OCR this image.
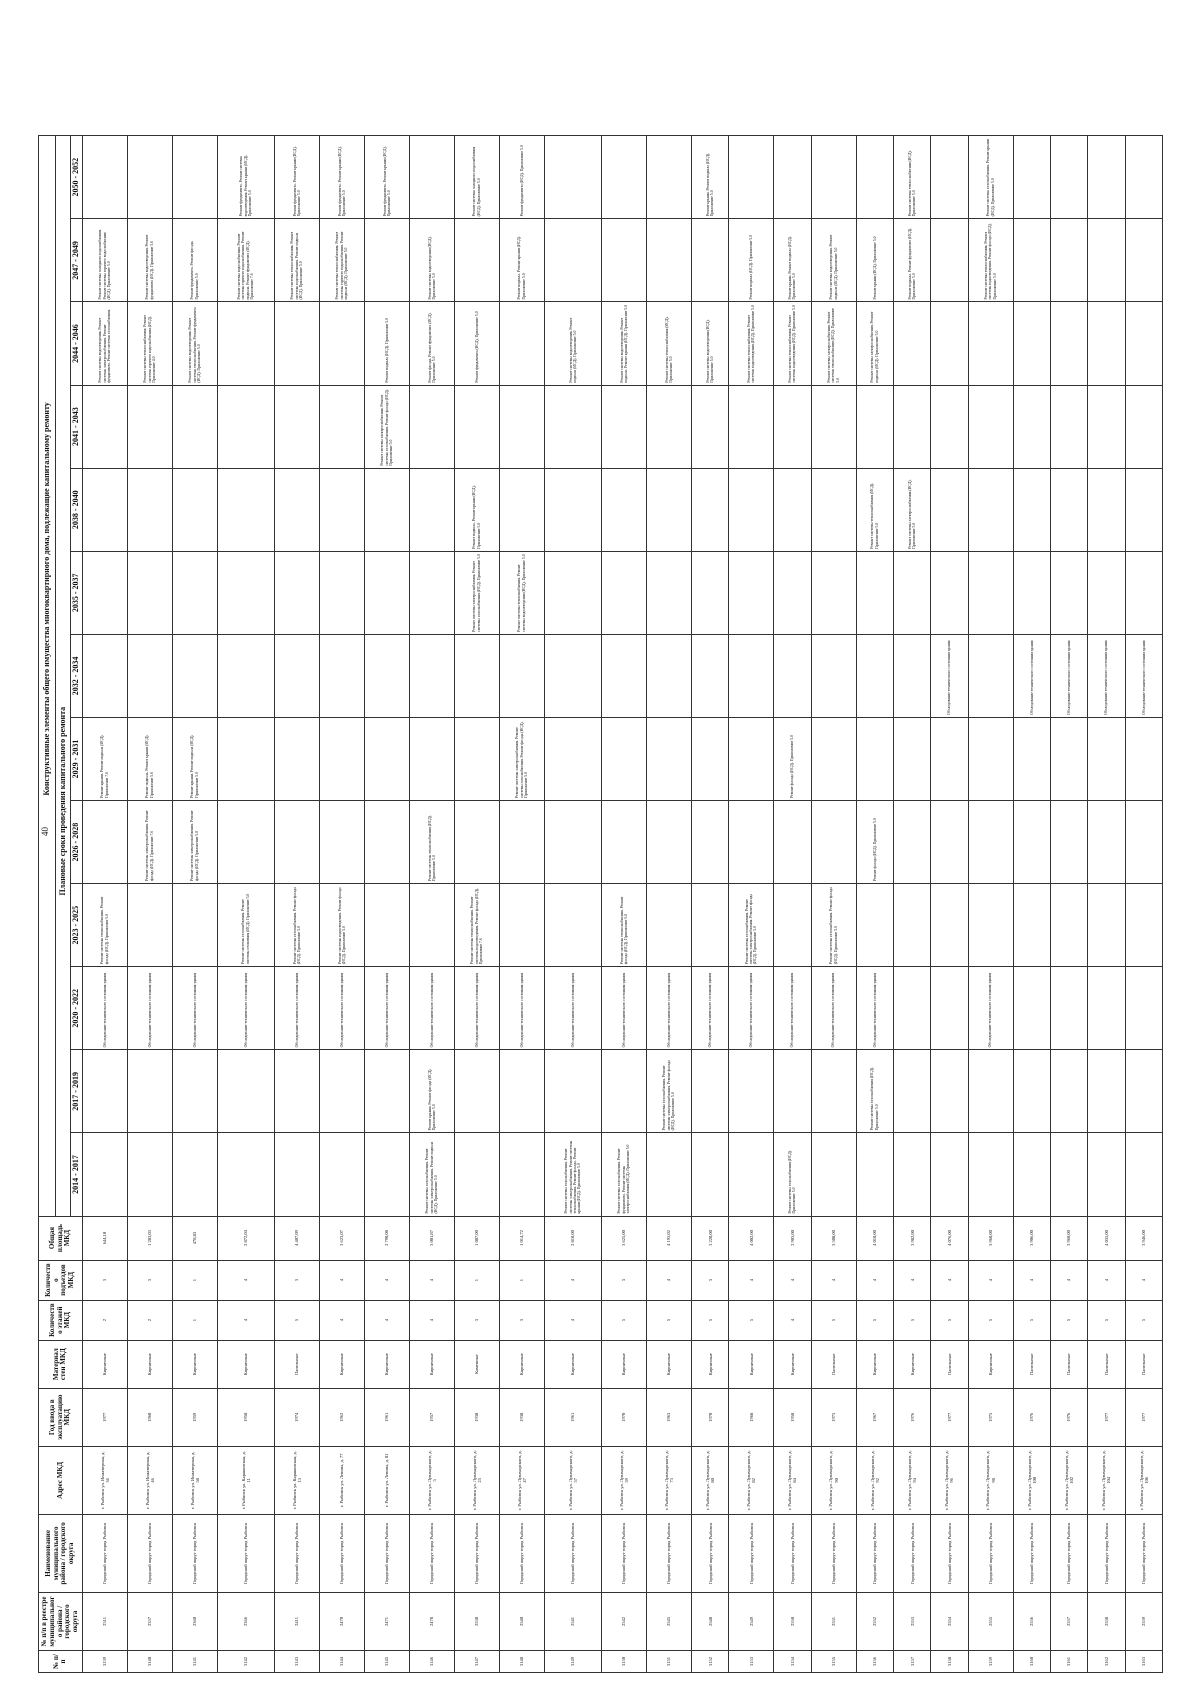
40
№ п/п	№ п/п в реестре муниципального района / городского округа	Наименование муниципального района / городского округа	Адрес МКД	Год ввода в эксплуатацию МКД	Материал стен МКД	Количество этажей МКД	Количество подъездов МКД	Общая площадь МКД	Конструктивные элементы общего имущества многоквартирного дома, подлежащие капитальному ремонту												
									Плановые сроки проведения капитального ремонта												
									2014 - 2017	2017 - 2019	2020 - 2022	2023 - 2025	2026 - 2028	2029 - 2031	2032 - 2034	2035 - 2037	2038 - 2040	2041 - 2043	2044 - 2046	2047 - 2049	2050 - 2052
3139	2311	Городской округ город Рыбинск	г. Рыбинск ул. Инженерная, д. 36	1977	Кирпичные	2	3	644,10			Обследование технического состояния здания	Ремонт системы теплоснабжения. Ремонт фасада (ИСД). Приложение 5.0		Ремонт крыши. Ремонт подвала (ИСД). Приложение 7.6					Ремонт системы водоотведения. Ремонт системы электроснабжения. Ремонт фундамента. Ремонт системы газоснабжения.	Ремонт системы холодного водоснабжения. Ремонт системы горячего водоснабжения (ИСД). Приложение 5.0	
3140	2357	Городской округ город Рыбинск	г. Рыбинск ул. Инженерная, д. 46	1960	Кирпичные	2	3	1 283,03			Обследование технического состояния здания		Ремонт системы электроснабжения. Ремонт фасада (ИСД). Приложение 7.6	Ремонт подвала. Ремонт крыши (ИСД). Приложение 5.6					Ремонт системы теплоснабжения. Ремонт системы горячего водоснабжения (ИСД). Приложение 4.0	Ремонт системы водоотведения. Ремонт фундамента (ИСД). Приложение 5.6	
3141	2360	Городской округ город Рыбинск	г. Рыбинск ул. Инженерная, д. 58	1959	Кирпичные	1	1	478,83			Обследование технического состояния здания		Ремонт системы электроснабжения. Ремонт фасада (ИСД). Приложение 5.0	Ремонт крыши. Ремонт подвала (ИСД). Приложение 5.0					Ремонт системы водоотведения. Ремонт системы теплоснабжения. Ремонт фундамента (ИСД). Приложение 5.0	Ремонт фундамента. Ремонт фасада. Приложение 5.0	
3142	2366	Городской округ город Рыбинск	г. Рыбинск ул. Карякинская, д. 11	1958	Кирпичные	4	4	2 872,04			Обследование технического состояния здания	Ремонт системы газоснабжения. Ремонт системы отопления (ИСД). Приложение 5.0								Ремонт системы водоснабжения. Ремонт системы горячего водоснабжения. Ремонт подвала. Ремонт фундамента (ИСД). Приложение 7.6	Ремонт фундамента. Ремонт системы водоотведения. Ремонт крыши (ИСД). Приложение 5.0
3143	2411	Городской округ город Рыбинск	г. Рыбинск ул. Карякинская, д. 13	1974	Панельные	5	3	4 407,09			Обследование технического состояния здания	Ремонт системы газоснабжения. Ремонт фасада (ИСД). Приложение 5.0								Ремонт системы теплоснабжения. Ремонт системы водоснабжения. Ремонт подвала (ИСД). Приложение 5.0	Ремонт фундамента. Ремонт крыши (ИСД). Приложение 5.0
3144	2470	Городской округ город Рыбинск	г. Рыбинск ул. Ленина, д. 77	1962	Кирпичные	4	4	3 623,07			Обследование технического состояния здания	Ремонт системы водоотведения. Ремонт фасада (ИСД). Приложение 5.0								Ремонт системы теплоснабжения. Ремонт системы горячего водоснабжения. Ремонт подвала (ИСД). Приложение 5.0	Ремонт фундамента. Ремонт крыши (ИСД). Приложение 5.0
3145	2471	Городской округ город Рыбинск	г. Рыбинск ул. Ленина, д. 81	1961	Кирпичные	4	4	2 790,08			Обследование технического состояния здания							Ремонт системы электроснабжения. Ремонт системы газоснабжения. Ремонт фасада (ИСД). Приложение 5.0	Ремонт подвала (ИСД). Приложение 5.0		Ремонт фундамента. Ремонт крыши (ИСД). Приложение 5.0
3146	2478	Городской округ город Рыбинск	г. Рыбинск ул. Луначарского, д. 5	1957	Кирпичные	4	4	3 001,87	Ремонт системы газоснабжения. Ремонт системы электроснабжения. Ремонт подвала (ИСД). Приложение 5.0	Ремонт крыши. Ремонт фасада (ИСД). Приложение 5.0	Обследование технического состояния здания		Ремонт системы теплоснабжения (ИСД). Приложение 5.0						Ремонт фасада. Ремонт фундамента (ИСД). Приложение 5.0	Ремонт системы водоотведения (ИСД). Приложение 5.0	
3147	2538	Городской округ город Рыбинск	г. Рыбинск ул. Луначарского, д. 25	1938	Каменные	3	1	1 087,00			Обследование технического состояния здания	Ремонт системы теплоснабжения. Ремонт системы водоотведения. Ремонт фасада (ИСД). Приложение 7.6				Ремонт системы электроснабжения. Ремонт системы газоснабжения (ИСД). Приложение 5.0	Ремонт подвала. Ремонт крыши (ИСД). Приложение 5.0		Ремонт фундамента (ИСД). Приложение 5.0		Ремонт системы холодного водоснабжения (ИСД). Приложение 5.0
3148	2540	Городской округ город Рыбинск	г. Рыбинск ул. Луначарского, д. 47	1938	Кирпичные	3	1	1 014,72			Обследование технического состояния здания			Ремонт системы электроснабжения. Ремонт системы газоснабжения. Ремонт фасада (ИСД). Приложение 5.0		Ремонт системы теплоснабжения. Ремонт системы водоотведения (ИСД). Приложение 5.0				Ремонт подвала. Ремонт крыши (ИСД). Приложение 5.0	Ремонт фундамента (ИСД). Приложение 5.0
3149	2541	Городской округ город Рыбинск	г. Рыбинск ул. Луначарского, д. 57	1961	Кирпичные	4	4	2 810,00	Ремонт системы газоснабжения. Ремонт системы электроснабжения. Ремонт системы теплоснабжения. Ремонт фасада. Ремонт крыши (ИСД). Приложение 5.0		Обследование технического состояния здания								Ремонт системы водоотведения. Ремонт подвала (ИСД). Приложение 5.0		
3150	2542	Городской округ город Рыбинск	г. Рыбинск ул. Луначарского, д. 59	1970	Кирпичные	5	3	3 625,00	Ремонт системы газоснабжения. Ремонт фундамента. Ремонт системы электроснабжения (ИСД). Приложение 5.0		Обследование технического состояния здания	Ремонт системы теплоснабжения. Ремонт фасада (ИСД). Приложение 5.0							Ремонт системы водоотведения. Ремонт подвала. Ремонт крыши (ИСД). Приложение 5.0		
3151	2545	Городской округ город Рыбинск	г. Рыбинск ул. Луначарского, д. 73	1963	Кирпичные	5	4	4 195,02		Ремонт системы газоснабжения. Ремонт системы электроснабжения. Ремонт фасада (ИСД). Приложение 5.0	Обследование технического состояния здания								Ремонт системы теплоснабжения (ИСД). Приложение 5.0		
3152	2548	Городской округ город Рыбинск	г. Рыбинск ул. Луначарского, д. 80	1970	Кирпичные	5	3	3 220,00			Обследование технического состояния здания								Ремонт системы водоотведения (ИСД). Приложение 5.0		Ремонт крыши. Ремонт подвала (ИСД). Приложение 5.0
3153	2549	Городской округ город Рыбинск	г. Рыбинск ул. Луначарского, д. 82	1968	Кирпичные	5	4	4 002,00			Обследование технического состояния здания	Ремонт системы газоснабжения. Ремонт системы электроснабжения. Ремонт фасада (ИСД). Приложение 5.0							Ремонт системы теплоснабжения. Ремонт системы водоотведения (ИСД). Приложение 5.0	Ремонт подвала (ИСД). Приложение 5.0	
3154	2550	Городской округ город Рыбинск	г. Рыбинск ул. Луначарского, д. 84	1958	Кирпичные	4	4	2 903,00	Ремонт системы газоснабжения (ИСД). Приложение 5.0		Обследование технического состояния здания			Ремонт фасада (ИСД). Приложение 5.0					Ремонт системы теплоснабжения. Ремонт системы водоотведения (ИСД). Приложение 5.0	Ремонт крыши. Ремонт подвала (ИСД). Приложение 5.0	
3155	2551	Городской округ город Рыбинск	г. Рыбинск ул. Луначарского, д. 90	1973	Панельные	5	4	3 508,00			Обследование технического состояния здания	Ремонт системы газоснабжения. Ремонт фасада (ИСД). Приложение 5.0							Ремонт системы электроснабжения. Ремонт системы теплоснабжения (ИСД). Приложение 5.0	Ремонт системы водоотведения. Ремонт подвала (ИСД). Приложение 5.0	
3156	2552	Городской округ город Рыбинск	г. Рыбинск ул. Луначарского, д. 92	1967	Кирпичные	5	4	4 010,00		Ремонт системы газоснабжения (ИСД). Приложение 5.0	Обследование технического состояния здания		Ремонт фасада (ИСД). Приложение 5.0				Ремонт системы теплоснабжения (ИСД). Приложение 5.0		Ремонт системы электроснабжения. Ремонт подвала (ИСД). Приложение 5.0	Ремонт крыши (ИСД). Приложение 5.0	
3157	2553	Городской округ город Рыбинск	г. Рыбинск ул. Луначарского, д. 94	1976	Кирпичные	5	4	3 982,00									Ремонт системы электроснабжения (ИСД). Приложение 5.0			Ремонт подвала. Ремонт фундамента (ИСД). Приложение 5.0	Ремонт системы теплоснабжения (ИСД). Приложение 5.0
3158	2554	Городской округ город Рыбинск	г. Рыбинск ул. Луначарского, д. 96	1977	Панельные	5	4	4 076,00							Обследование технического состояния здания						
3159	2555	Городской округ город Рыбинск	г. Рыбинск ул. Луначарского, д. 98	1975	Кирпичные	5	4	3 960,00			Обследование технического состояния здания									Ремонт системы теплоснабжения. Ремонт системы водоотведения. Ремонт фасада (ИСД). Приложение 5.0	Ремонт системы газоснабжения. Ремонт крыши (ИСД). Приложение 5.0
3160	2556	Городской округ город Рыбинск	г. Рыбинск ул. Луначарского, д. 100	1976	Панельные	5	4	3 906,00							Обследование технического состояния здания						
3161	2557	Городской округ город Рыбинск	г. Рыбинск ул. Луначарского, д. 102	1976	Панельные	5	4	3 960,00							Обследование технического состояния здания						
3162	2558	Городской округ город Рыбинск	г. Рыбинск ул. Луначарского, д. 104	1977	Панельные	5	4	4 035,00							Обследование технического состояния здания						
3163	2559	Городской округ город Рыбинск	г. Рыбинск ул. Луначарского, д. 106	1977	Панельные	5	4	3 946,00							Обследование технического состояния здания						
